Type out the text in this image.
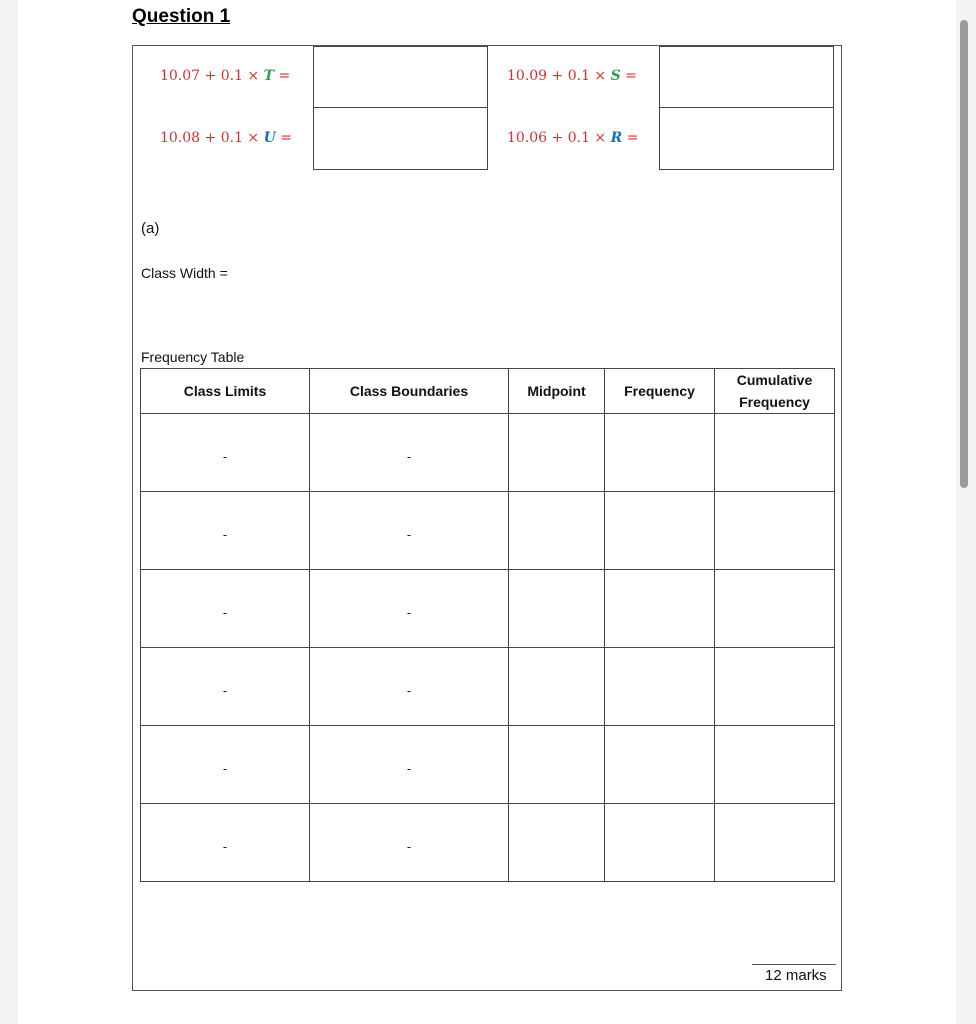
Question 1
10.07 + 0.1 × T =	10.09 + 0.1 × S =
10.08 + 0.1 × U =	10.06 + 0.1 × R =
(a)
Class Width =
Frequency Table
Class Limits	Class Boundaries	Midpoint	Frequency	Cumulative Frequency
-	-			
-	-			
-	-			
-	-			
-	-			
-	-			
12 marks
